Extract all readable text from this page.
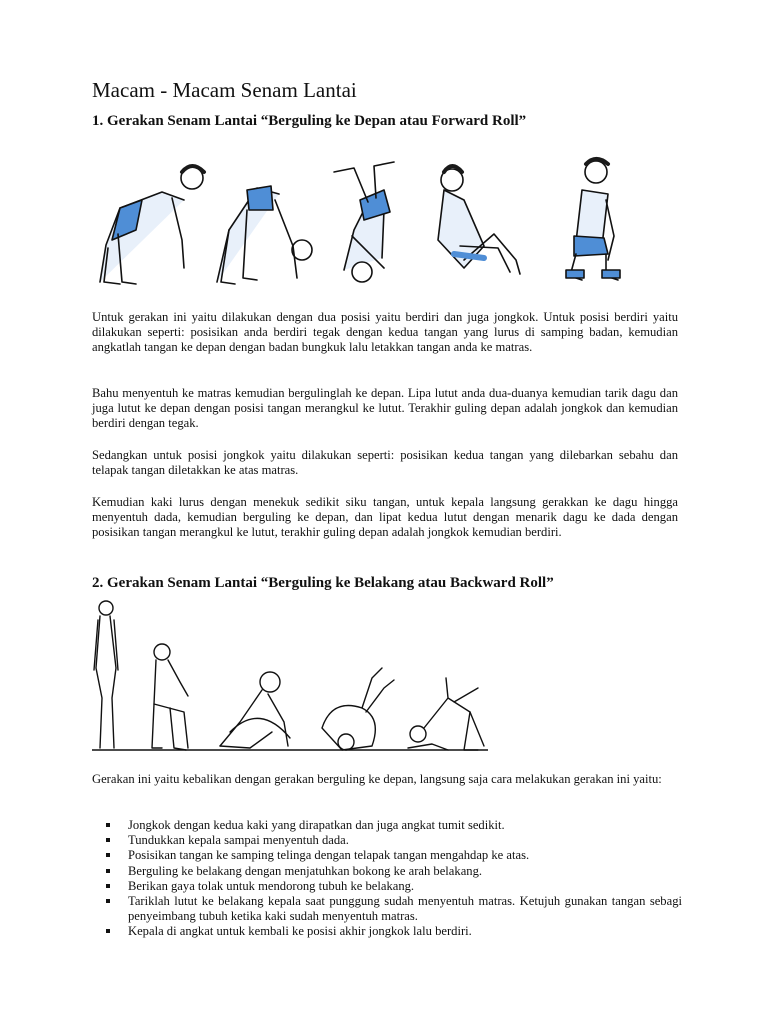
Macam - Macam Senam Lantai
1. Gerakan Senam Lantai “Berguling ke Depan atau Forward Roll”

Untuk gerakan ini yaitu dilakukan dengan dua posisi yaitu berdiri dan juga jongkok. Untuk posisi berdiri yaitu dilakukan seperti: posisikan anda berdiri tegak dengan kedua tangan yang lurus di samping badan, kemudian angkatlah tangan ke depan dengan badan bungkuk lalu letakkan tangan anda ke matras.

Bahu menyentuh ke matras kemudian bergulinglah ke depan. Lipa lutut anda dua-duanya kemudian tarik dagu dan juga lutut ke depan dengan posisi tangan merangkul ke lutut. Terakhir guling depan adalah jongkok dan kemudian berdiri dengan tegak.

Sedangkan untuk posisi jongkok yaitu dilakukan seperti: posisikan kedua tangan yang dilebarkan sebahu dan telapak tangan diletakkan ke atas matras.

Kemudian kaki lurus dengan menekuk sedikit siku tangan, untuk kepala langsung gerakkan ke dagu hingga menyentuh dada, kemudian berguling ke depan, dan lipat kedua lutut dengan menarik dagu ke dada dengan posisikan tangan merangkul ke lutut, terakhir guling depan adalah jongkok kemudian berdiri.

2. Gerakan Senam Lantai “Berguling ke Belakang atau Backward Roll”

Gerakan ini yaitu kebalikan dengan gerakan berguling ke depan, langsung saja cara melakukan gerakan ini yaitu:

Jongkok dengan kedua kaki yang dirapatkan dan juga angkat tumit sedikit.
Tundukkan kepala sampai menyentuh dada.
Posisikan tangan ke samping telinga dengan telapak tangan mengahdap ke atas.
Berguling ke belakang dengan menjatuhkan bokong ke arah belakang.
Berikan gaya tolak untuk mendorong tubuh ke belakang.
Tariklah lutut ke belakang kepala saat punggung sudah menyentuh matras. Ketujuh gunakan tangan sebagi penyeimbang tubuh ketika kaki sudah menyentuh matras.
Kepala di angkat untuk kembali ke posisi akhir jongkok lalu berdiri.
